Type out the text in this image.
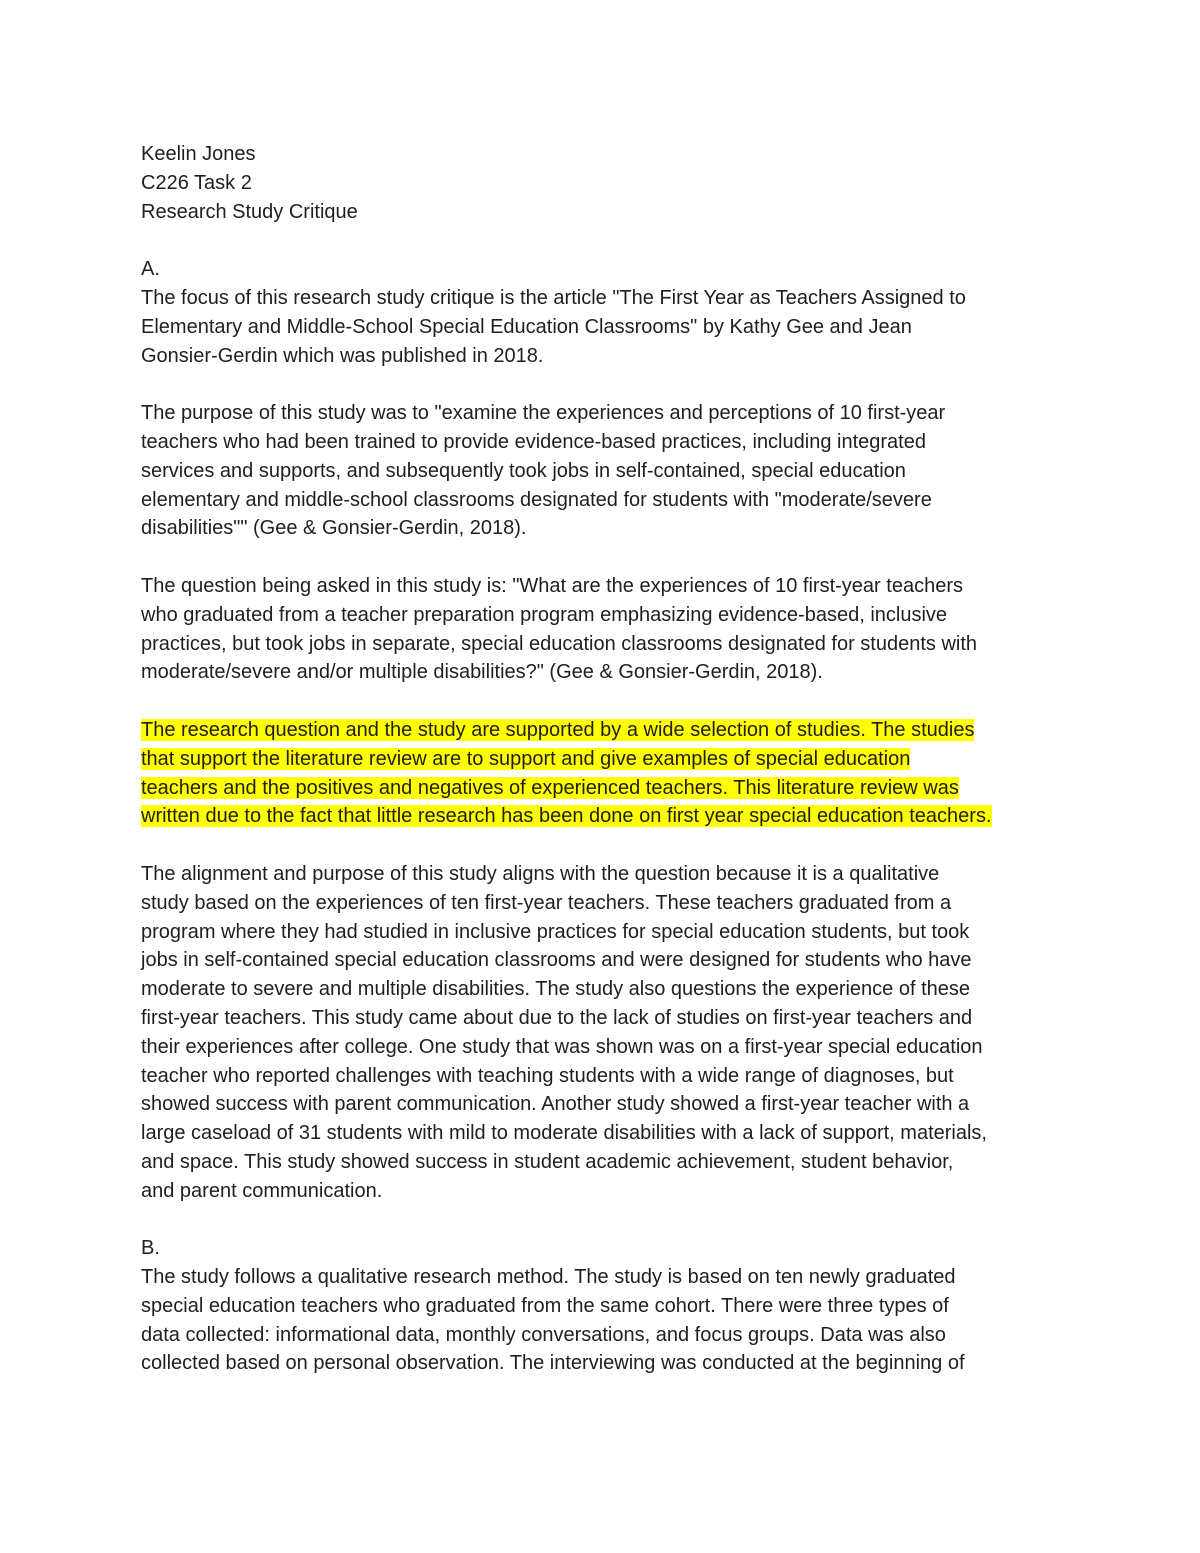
Keelin Jones
C226 Task 2
Research Study Critique
A.
The focus of this research study critique is the article "The First Year as Teachers Assigned to
Elementary and Middle-School Special Education Classrooms" by Kathy Gee and Jean
Gonsier-Gerdin which was published in 2018.
The purpose of this study was to "examine the experiences and perceptions of 10 first-year
teachers who had been trained to provide evidence-based practices, including integrated
services and supports, and subsequently took jobs in self-contained, special education
elementary and middle-school classrooms designated for students with "moderate/severe
disabilities"" (Gee & Gonsier-Gerdin, 2018).
The question being asked in this study is: "What are the experiences of 10 first-year teachers
who graduated from a teacher preparation program emphasizing evidence-based, inclusive
practices, but took jobs in separate, special education classrooms designated for students with
moderate/severe and/or multiple disabilities?" (Gee & Gonsier-Gerdin, 2018).
The research question and the study are supported by a wide selection of studies. The studies
that support the literature review are to support and give examples of special education
teachers and the positives and negatives of experienced teachers. This literature review was
written due to the fact that little research has been done on first year special education teachers.
The alignment and purpose of this study aligns with the question because it is a qualitative
study based on the experiences of ten first-year teachers. These teachers graduated from a
program where they had studied in inclusive practices for special education students, but took
jobs in self-contained special education classrooms and were designed for students who have
moderate to severe and multiple disabilities. The study also questions the experience of these
first-year teachers. This study came about due to the lack of studies on first-year teachers and
their experiences after college. One study that was shown was on a first-year special education
teacher who reported challenges with teaching students with a wide range of diagnoses, but
showed success with parent communication. Another study showed a first-year teacher with a
large caseload of 31 students with mild to moderate disabilities with a lack of support, materials,
and space. This study showed success in student academic achievement, student behavior,
and parent communication.
B.
The study follows a qualitative research method. The study is based on ten newly graduated
special education teachers who graduated from the same cohort. There were three types of
data collected: informational data, monthly conversations, and focus groups. Data was also
collected based on personal observation. The interviewing was conducted at the beginning of
